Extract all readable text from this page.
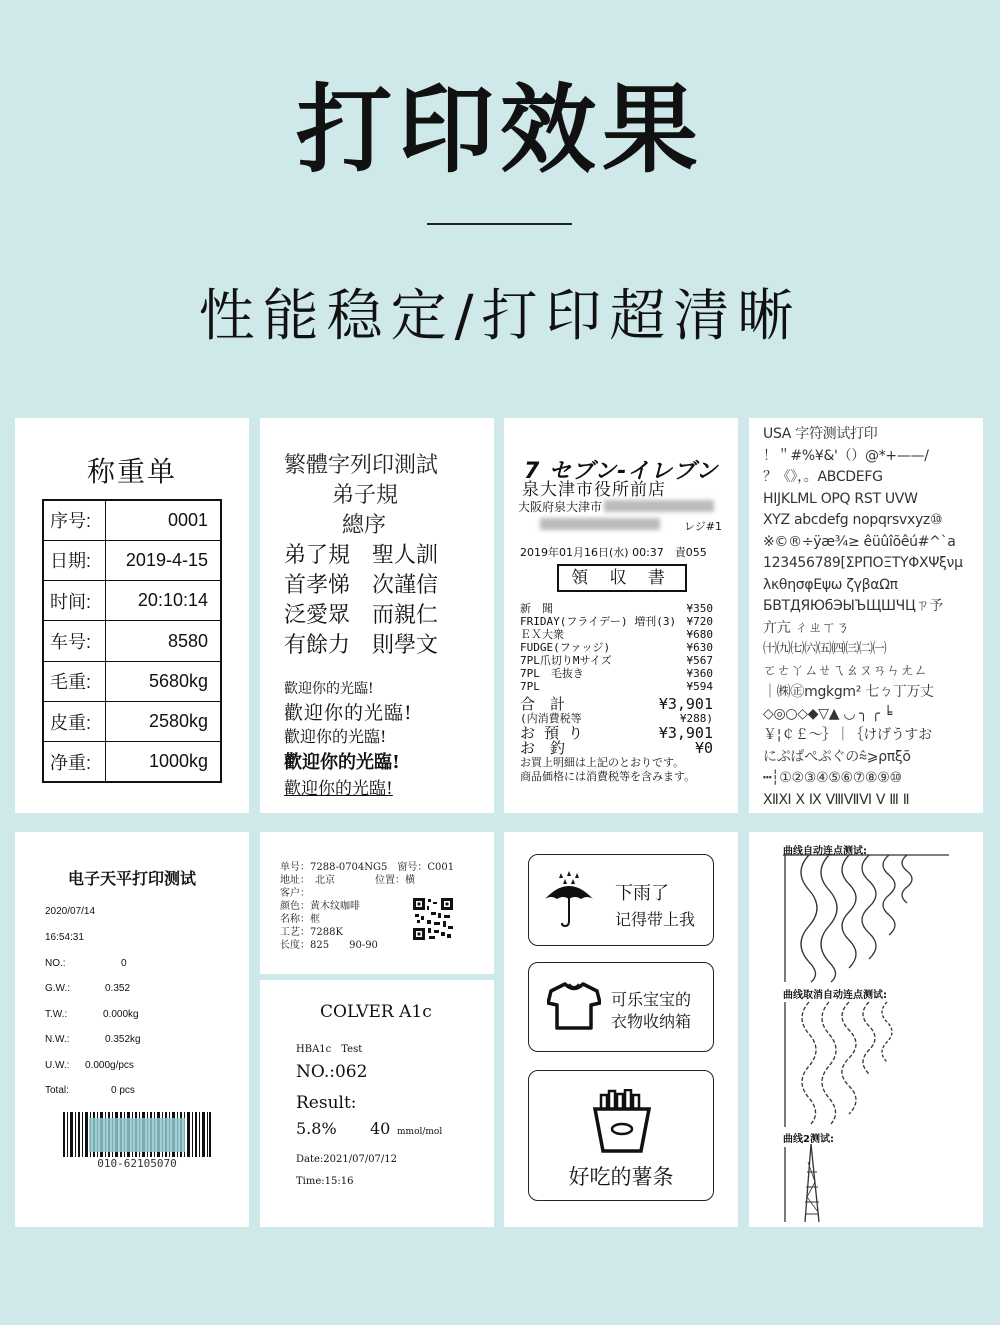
打印效果
性能稳定/打印超清晰
称重单
序号:	0001
日期:	2019-4-15
时间:	20:10:14
车号:	8580
毛重:	5680kg
皮重:	2580kg
净重:	1000kg
繁體字列印測試
弟子規
總序
弟了規　聖人訓
首孝悌　次謹信
泛愛眾　而親仁
有餘力　則學文
歡迎你的光臨!
歡迎你的光臨!
歡迎你的光臨!
歡迎你的光臨!
歡迎你的光臨!
7 セブン-イレブン
泉大津市役所前店
大阪府泉大津市
レジ#1
2019年01月16日(水) 00:37　責055
領 収 書
新　聞	¥350
FRIDAY(フライデー) 増刊(3) ¥720
ＥＸ大衆	¥680
FUDGE(ファッジ)	¥630
7PL爪切りMサイズ	¥567
7PL　毛抜き	¥360
7PL	¥594
合　計	¥3,901
(内消費税等	¥288)
お 預 り	¥3,901
お　釣	¥0
お買上明細は上記のとおりです。
商品価格には消費税等を含みます。
USA 字符测试打印
！＂#%¥&'（）@*+——/
？《》，。ABCDEFG
HIJKLML OPQ RST UVW
XYZ abcdefg nopqrsvxyz⑩
※©®÷ÿæ¾≥ êüûîõêú#^`a
123456789[ΣΡΠΟΞΤΥΦΧΨξνμ
λκθησφΕψω ζγβαΩπ
БВТДЯЮбЭЫЪЩШЧЦㄗ予
亣亢 ㄔㄓㄒㄋ
㈩㈨㈦㈥㈤㈣㈢㈡㈠
ㄛㄜㄚㄙㄝㄟㄠㄡㄢㄣㄤㄥ
｜㈱㊣mgkgm² 七ㄅ丁万丈
◇◎○◇◆▽▲ ◡ ╮ ╭ ╘
￥¦￠￡～｝｜｛けげうすお
にぷぱぺぷぐの⩯⩾ρπξõ
┅┆①②③④⑤⑥⑦⑧⑨⑩
ⅫⅪ Ⅹ Ⅸ ⅧⅦⅥ Ⅴ Ⅲ Ⅱ
电子天平打印测试
2020/07/14
16:54:31
NO.:	0
G.W.:	0.352
T.W.:	0.000kg
N.W.:	0.352kg
U.W.: 0.000g/pcs
Total:	0 pcs
010-62105070
单号：7288-0704NG5　窗号：C001
地址：　北京　　　　位置：横
客户：
颜色：黄木纹咖啡
名称：框
工艺：7288K
长度：825　　90-90
COLVER A1c
HBA1c　Test
NO.:062
Result:
5.8% 40 mmol/mol
Date:2021/07/07/12
Time:15:16
下雨了
记得带上我
可乐宝宝的
衣物收纳箱
好吃的薯条
曲线自动连点测试:
曲线取消自动连点测试:
曲线2测试:
